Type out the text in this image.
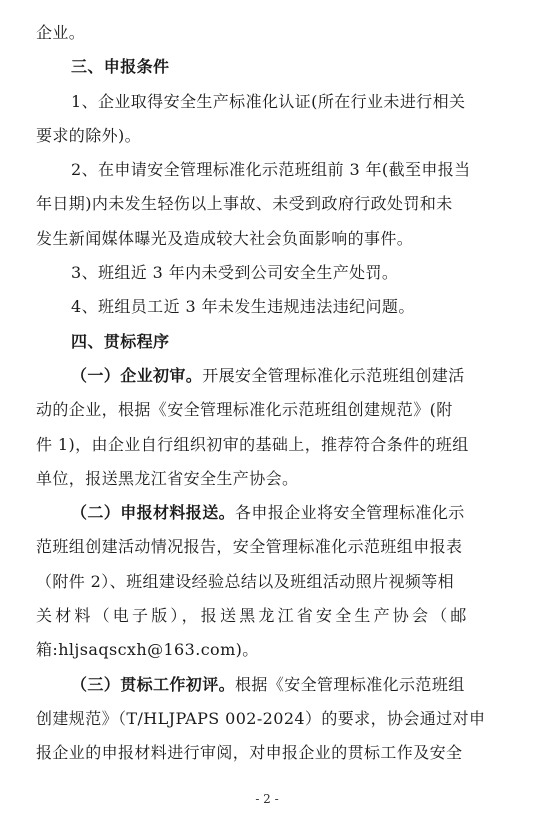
企业。
三、申报条件
1、企业取得安全生产标准化认证(所在行业未进行相关
要求的除外)。
2、在申请安全管理标准化示范班组前 3 年(截至申报当
年日期)内未发生轻伤以上事故、未受到政府行政处罚和未
发生新闻媒体曝光及造成较大社会负面影响的事件。
3、班组近 3 年内未受到公司安全生产处罚。
4、班组员工近 3 年未发生违规违法违纪问题。
四、贯标程序
（一）企业初审。开展安全管理标准化示范班组创建活
动的企业，根据《安全管理标准化示范班组创建规范》(附
件 1)，由企业自行组织初审的基础上，推荐符合条件的班组
单位，报送黑龙江省安全生产协会。
（二）申报材料报送。各申报企业将安全管理标准化示
范班组创建活动情况报告，安全管理标准化示范班组申报表
（附件 2）、班组建设经验总结以及班组活动照片视频等相
关材料（电子版），报送黑龙江省安全生产协会（邮
箱:hljsaqscxh@163.com)。
（三）贯标工作初评。根据《安全管理标准化示范班组
创建规范》（T/HLJPAPS 002-2024）的要求，协会通过对申
报企业的申报材料进行审阅，对申报企业的贯标工作及安全
- 2 -
